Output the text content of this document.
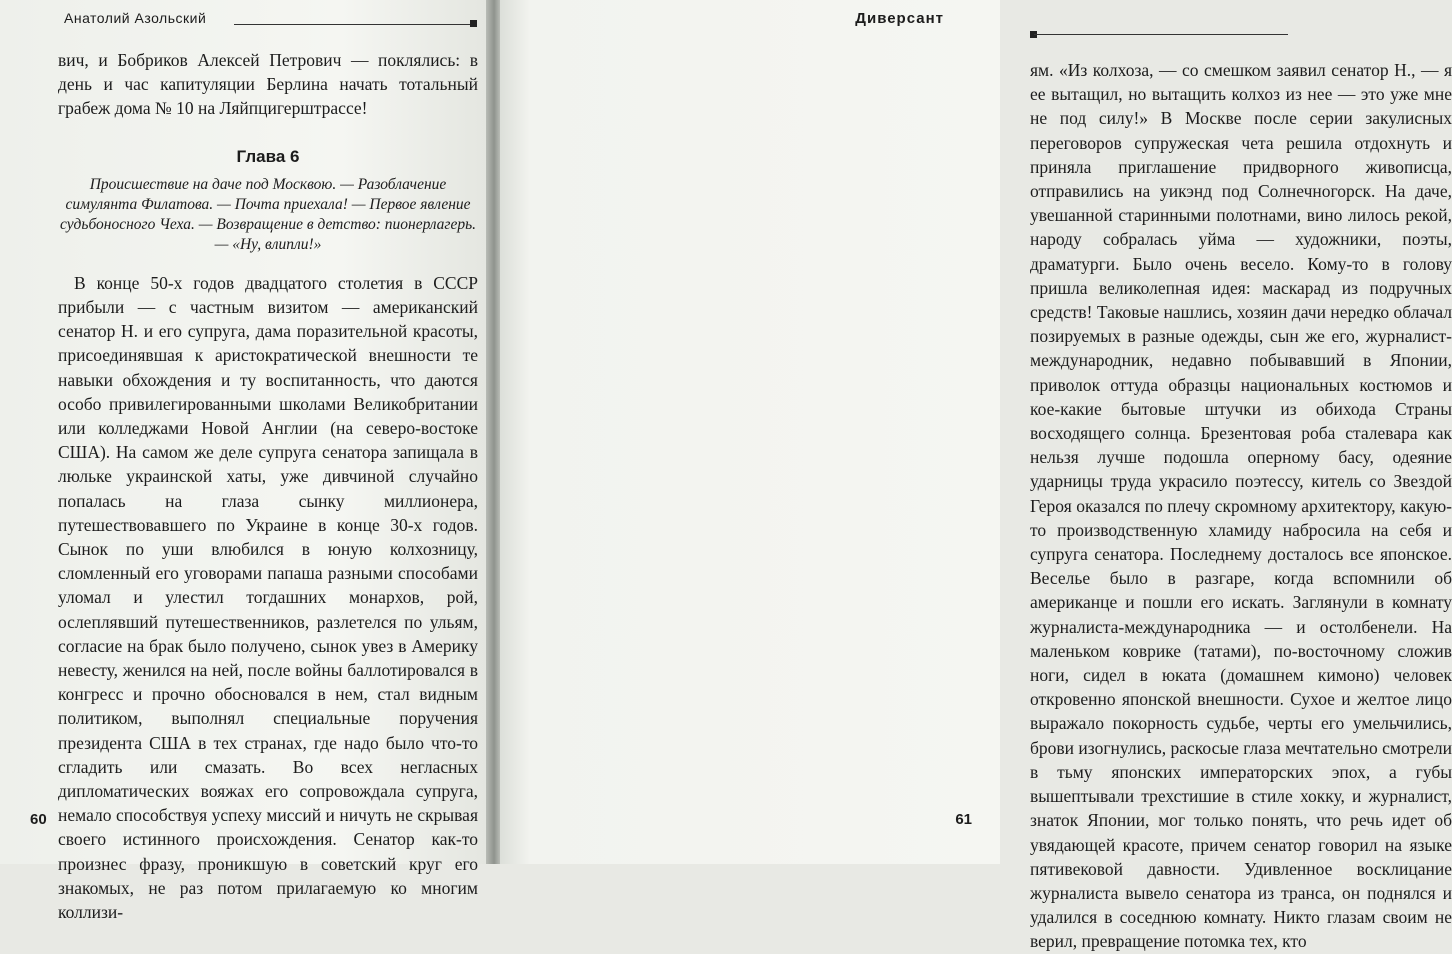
Анатолий Азольский

вич, и Бобриков Алексей Петрович — поклялись: в день и час капитуляции Берлина начать тотальный грабеж дома № 10 на Ляйпцигерштрассе!

Глава 6
Происшествие на даче под Москвою. — Разоблачение симулянта Филатова. — Почта приехала! — Первое явление судьбоносного Чеха. — Возвращение в детство: пионерлагерь. — «Ну, влипли!»

В конце 50-х годов двадцатого столетия в СССР прибыли — с частным визитом — американский сенатор Н. и его супруга, дама поразительной красоты, присоединявшая к аристократической внешности те навыки обхождения и ту воспитанность, что даются особо привилегированными школами Великобритании или колледжами Новой Англии (на северо-востоке США). На самом же деле супруга сенатора запищала в люльке украинской хаты, уже дивчиной случайно попалась на глаза сынку миллионера, путешествовавшего по Украине в конце 30-х годов. Сынок по уши влюбился в юную колхозницу, сломленный его уговорами папаша разными способами уломал и улестил тогдашних монархов, рой, ослеплявший путешественников, разлетелся по ульям, согласие на брак было получено, сынок увез в Америку невесту, женился на ней, после войны баллотировался в конгресс и прочно обосновался в нем, стал видным политиком, выполнял специальные поручения президента США в тех странах, где надо было что-то сгладить или смазать. Во всех негласных дипломатических вояжах его сопровождала супруга, немало способствуя успеху миссий и ничуть не скрывая своего истинного происхождения. Сенатор как-то произнес фразу, проникшую в советский круг его знакомых, не раз потом прилагаемую ко многим коллизи-

60
Диверсант

ям. «Из колхоза, — со смешком заявил сенатор Н., — я ее вытащил, но вытащить колхоз из нее — это уже мне не под силу!» В Москве после серии закулисных переговоров супружеская чета решила отдохнуть и приняла приглашение придворного живописца, отправились на уикэнд под Солнечногорск. На даче, увешанной старинными полотнами, вино лилось рекой, народу собралась уйма — художники, поэты, драматурги. Было очень весело. Кому-то в голову пришла великолепная идея: маскарад из подручных средств! Таковые нашлись, хозяин дачи нередко облачал позируемых в разные одежды, сын же его, журналист-международник, недавно побывавший в Японии, приволок оттуда образцы национальных костюмов и кое-какие бытовые штучки из обихода Страны восходящего солнца. Брезентовая роба сталевара как нельзя лучше подошла оперному басу, одеяние ударницы труда украсило поэтессу, китель со Звездой Героя оказался по плечу скромному архитектору, какую-то производственную хламиду набросила на себя и супруга сенатора. Последнему досталось все японское. Веселье было в разгаре, когда вспомнили об американце и пошли его искать. Заглянули в комнату журналиста-международника — и остолбенели. На маленьком коврике (татами), по-восточному сложив ноги, сидел в юката (домашнем кимоно) человек откровенно японской внешности. Сухое и желтое лицо выражало покорность судьбе, черты его умельчились, брови изогнулись, раскосые глаза мечтательно смотрели в тьму японских императорских эпох, а губы вышептывали трехстишие в стиле хокку, и журналист, знаток Японии, мог только понять, что речь идет об увядающей красоте, причем сенатор говорил на языке пятивековой давности. Удивленное восклицание журналиста вывело сенатора из транса, он поднялся и удалился в соседнюю комнату. Никто глазам своим не верил, превращение потомка тех, кто

61
